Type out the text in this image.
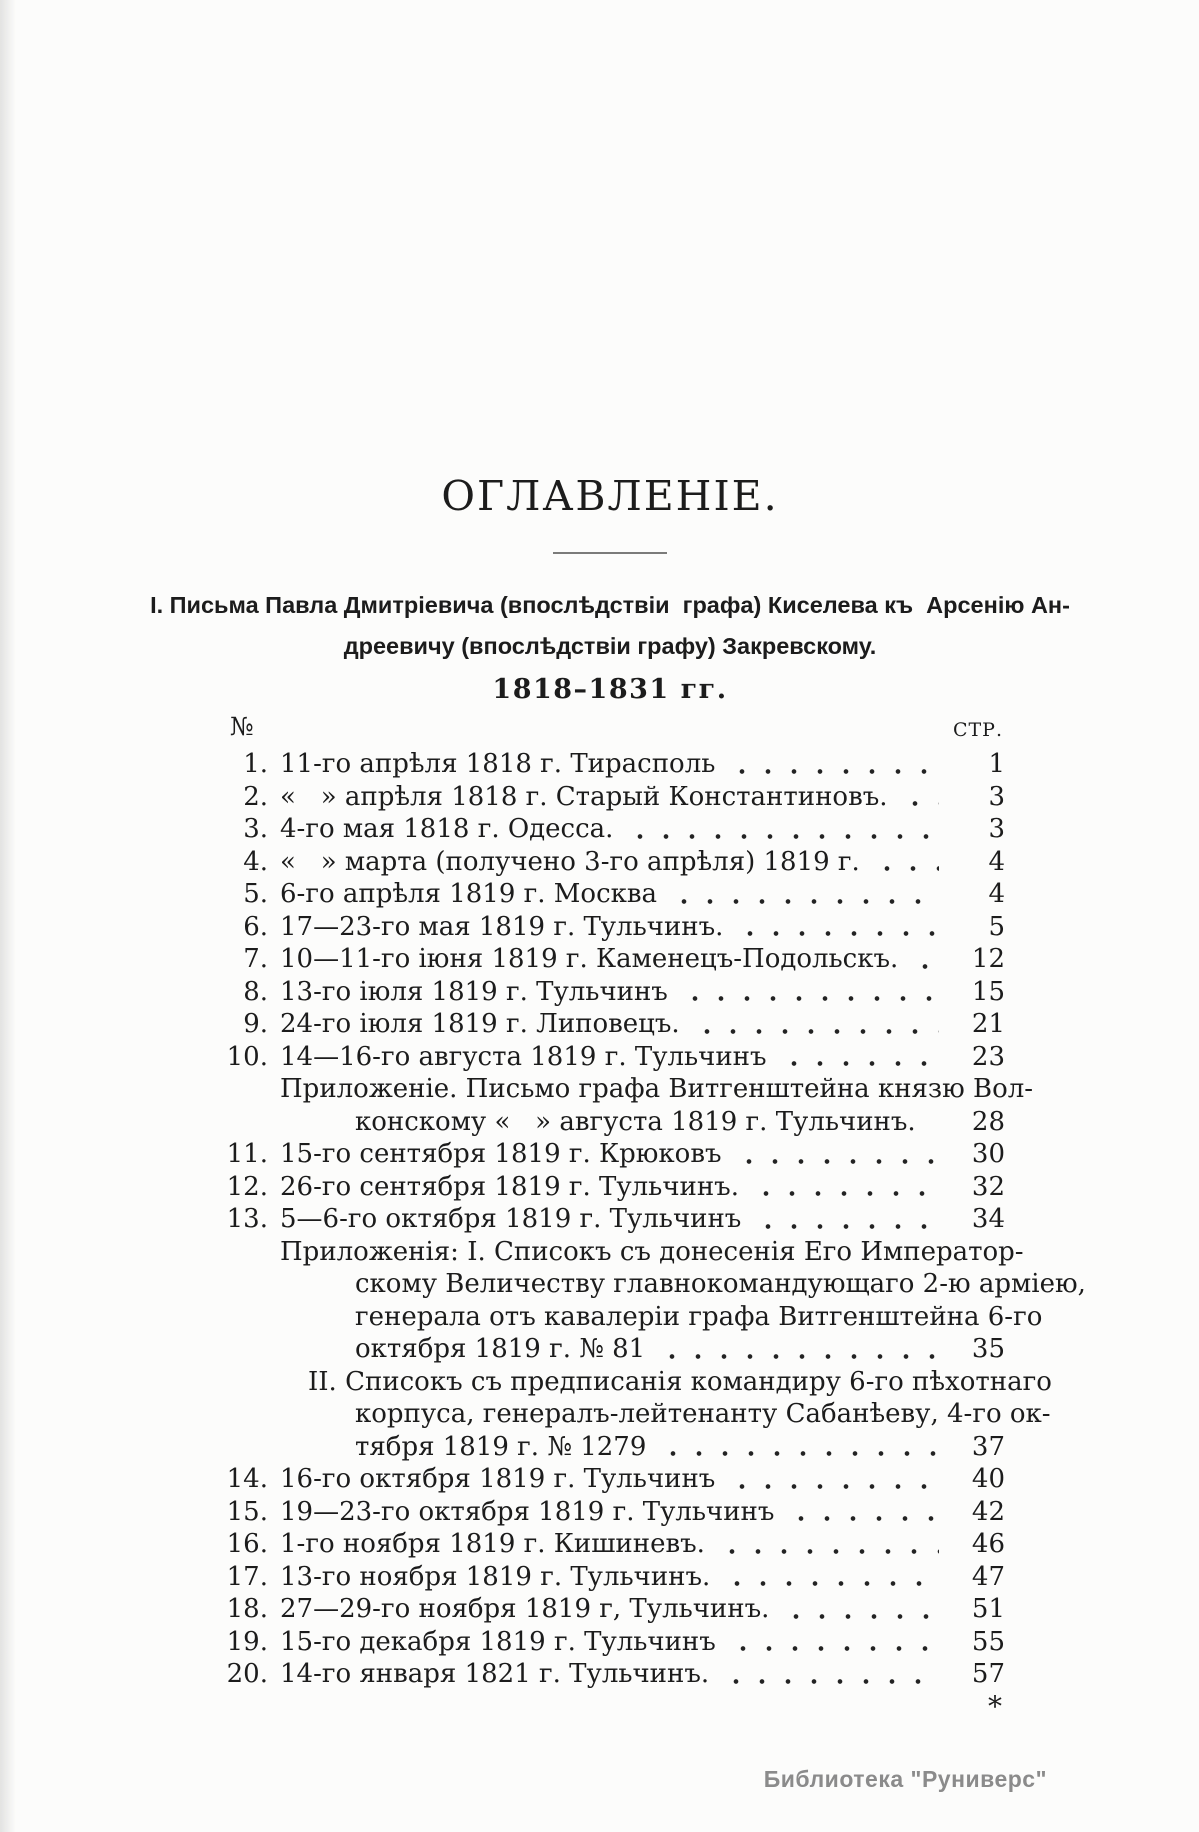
ОГЛАВЛЕНІЕ.
I. Письма Павла Дмитріевича (впослѣдствіи  графа) Киселева къ  Арсенію Ан-
дреевичу (впослѣдствіи графу) Закревскому.
1818–1831 гг.
№	СТР.
1. 11-го апрѣля 1818 г. Тирасполь	1
2. «   » апрѣля 1818 г. Старый Константиновъ.	3
3. 4-го мая 1818 г. Одесса.	3
4. «   » марта (получено 3-го апрѣля) 1819 г.	4
5. 6-го апрѣля 1819 г. Москва	4
6. 17—23-го мая 1819 г. Тульчинъ.	5
7. 10—11-го іюня 1819 г. Каменецъ-Подольскъ.	12
8. 13-го іюля 1819 г. Тульчинъ	15
9. 24-го іюля 1819 г. Липовецъ.	21
10. 14—16-го августа 1819 г. Тульчинъ	23
Приложеніе. Письмо графа Витгенштейна князю Вол-
конскому «   » августа 1819 г. Тульчинъ.	28
11. 15-го сентября 1819 г. Крюковъ	30
12. 26-го сентября 1819 г. Тульчинъ.	32
13. 5—6-го октября 1819 г. Тульчинъ	34
Приложенія: I. Списокъ съ донесенія Его Император-
скому Величеству главнокомандующаго 2-ю арміею,
генерала отъ кавалеріи графа Витгенштейна 6-го
октября 1819 г. № 81	35
II. Списокъ съ предписанія командиру 6-го пѣхотнаго
корпуса, генералъ-лейтенанту Сабанѣеву, 4-го ок-
тября 1819 г. № 1279	37
14. 16-го октября 1819 г. Тульчинъ	40
15. 19—23-го октября 1819 г. Тульчинъ	42
16. 1-го ноября 1819 г. Кишиневъ.	46
17. 13-го ноября 1819 г. Тульчинъ.	47
18. 27—29-го ноября 1819 г, Тульчинъ.	51
19. 15-го декабря 1819 г. Тульчинъ	55
20. 14-го января 1821 г. Тульчинъ.	57
*
Библиотека "Руниверс"
